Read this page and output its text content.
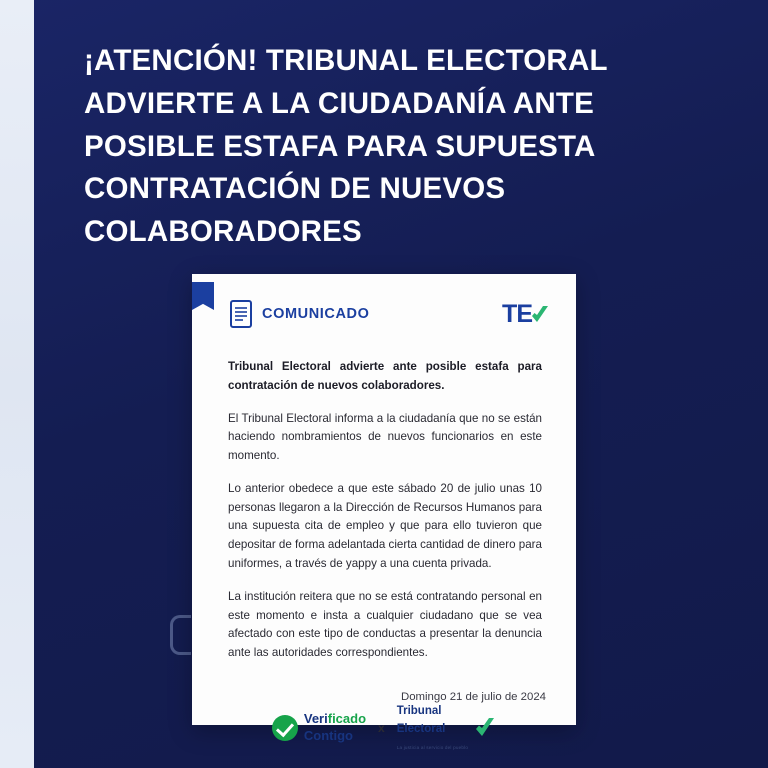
¡ATENCIÓN! TRIBUNAL ELECTORAL ADVIERTE A LA CIUDADANÍA ANTE POSIBLE ESTAFA PARA SUPUESTA CONTRATACIÓN DE NUEVOS COLABORADORES
COMUNICADO	TE

Tribunal Electoral advierte ante posible estafa para contratación de nuevos colaboradores.

El Tribunal Electoral informa a la ciudadanía que no se están haciendo nombramientos de nuevos funcionarios en este momento.

Lo anterior obedece a que este sábado 20 de julio unas 10 personas llegaron a la Dirección de Recursos Humanos para una supuesta cita de empleo y que para ello tuvieron que depositar de forma adelantada cierta cantidad de dinero para uniformes, a través de yappy a una cuenta privada.

La institución reitera que no se está contratando personal en este momento e insta a cualquier ciudadano que se vea afectado con este tipo de conductas a presentar la denuncia ante las autoridades correspondientes.

Domingo 21 de julio de 2024
Verificado
Contigo	x
Tribunal
Electoral
La justicia al servicio del pueblo
